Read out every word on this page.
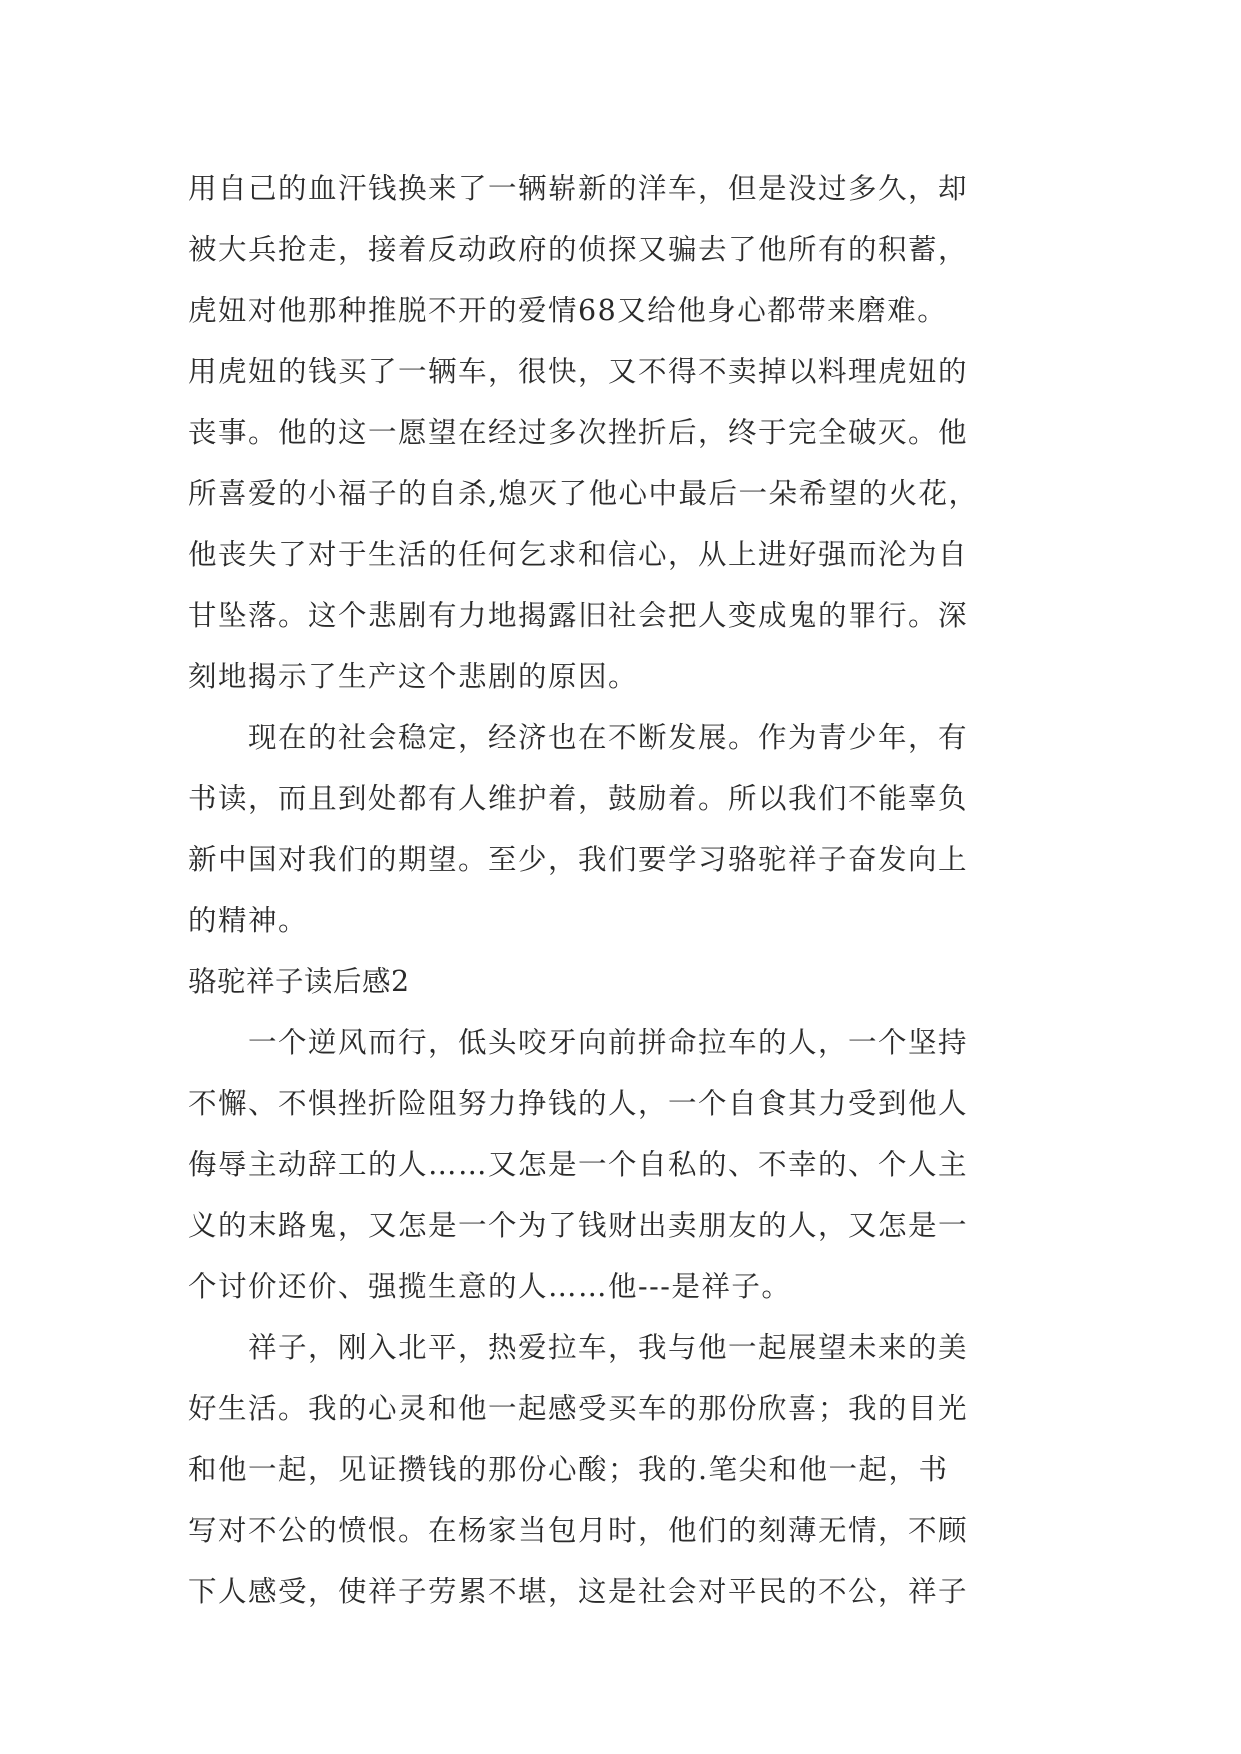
用自己的血汗钱换来了一辆崭新的洋车，但是没过多久，却
被大兵抢走，接着反动政府的侦探又骗去了他所有的积蓄，
虎妞对他那种推脱不开的爱情68又给他身心都带来磨难。
用虎妞的钱买了一辆车，很快，又不得不卖掉以料理虎妞的
丧事。他的这一愿望在经过多次挫折后，终于完全破灭。他
所喜爱的小福子的自杀,熄灭了他心中最后一朵希望的火花，
他丧失了对于生活的任何乞求和信心，从上进好强而沦为自
甘坠落。这个悲剧有力地揭露旧社会把人变成鬼的罪行。深
刻地揭示了生产这个悲剧的原因。
　　现在的社会稳定，经济也在不断发展。作为青少年，有
书读，而且到处都有人维护着，鼓励着。所以我们不能辜负
新中国对我们的期望。至少，我们要学习骆驼祥子奋发向上
的精神。
骆驼祥子读后感2
　　一个逆风而行，低头咬牙向前拼命拉车的人，一个坚持
不懈、不惧挫折险阻努力挣钱的人，一个自食其力受到他人
侮辱主动辞工的人……又怎是一个自私的、不幸的、个人主
义的末路鬼，又怎是一个为了钱财出卖朋友的人，又怎是一
个讨价还价、强揽生意的人……他---是祥子。
　　祥子，刚入北平，热爱拉车，我与他一起展望未来的美
好生活。我的心灵和他一起感受买车的那份欣喜；我的目光
和他一起，见证攒钱的那份心酸；我的.笔尖和他一起，书
写对不公的愤恨。在杨家当包月时，他们的刻薄无情，不顾
下人感受，使祥子劳累不堪，这是社会对平民的不公，祥子
